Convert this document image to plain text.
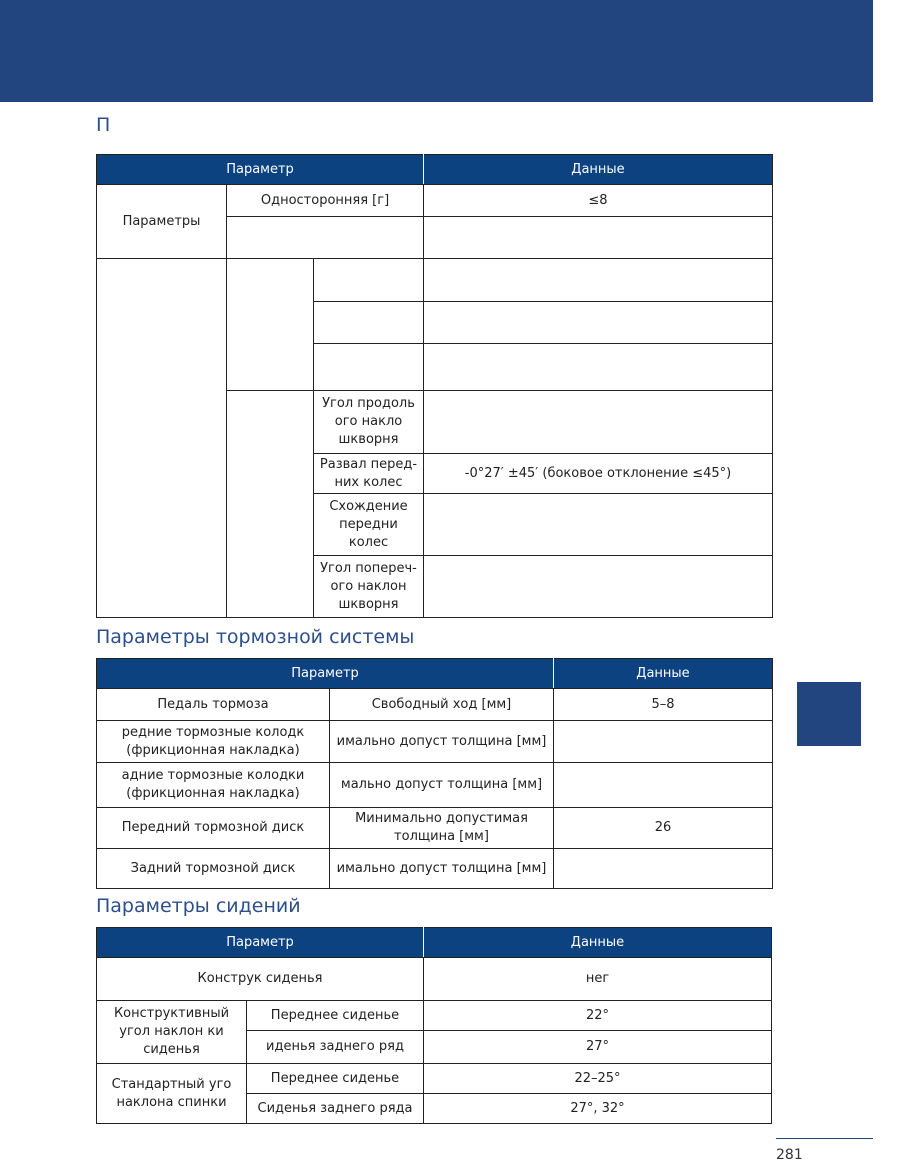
П
Параметр			Данные
Параметры	Односторонняя [г]		≤8

		Угол продоль ого накло шкворня	
		Развал перед- них колес	-0°27′ ±45′ (боковое отклонение ≤45°)
		Схождение передни колес	
		Угол попереч- ого наклон шкворня	
Параметры тормозной системы
Параметр		Данные
Педаль тормоза	Свободный ход [мм]	5–8
редние тормозные колодк (фрикционная накладка)	имально допуст толщина [мм]	
адние тормозные колодки (фрикционная накладка)	мально допуст толщина [мм]	
Передний тормозной диск	Минимально допустимая толщина [мм]	26
Задний тормозной диск	имально допуст толщина [мм]	
Параметры сидений
Параметр		Данные
Конструк сиденья		нег
Конструктивный угол наклон ки сиденья	Переднее сиденье	22°
	иденья заднего ряд	27°
Стандартный уго наклона спинки	Переднее сиденье	22–25°
	Сиденья заднего ряда	27°, 32°
281
